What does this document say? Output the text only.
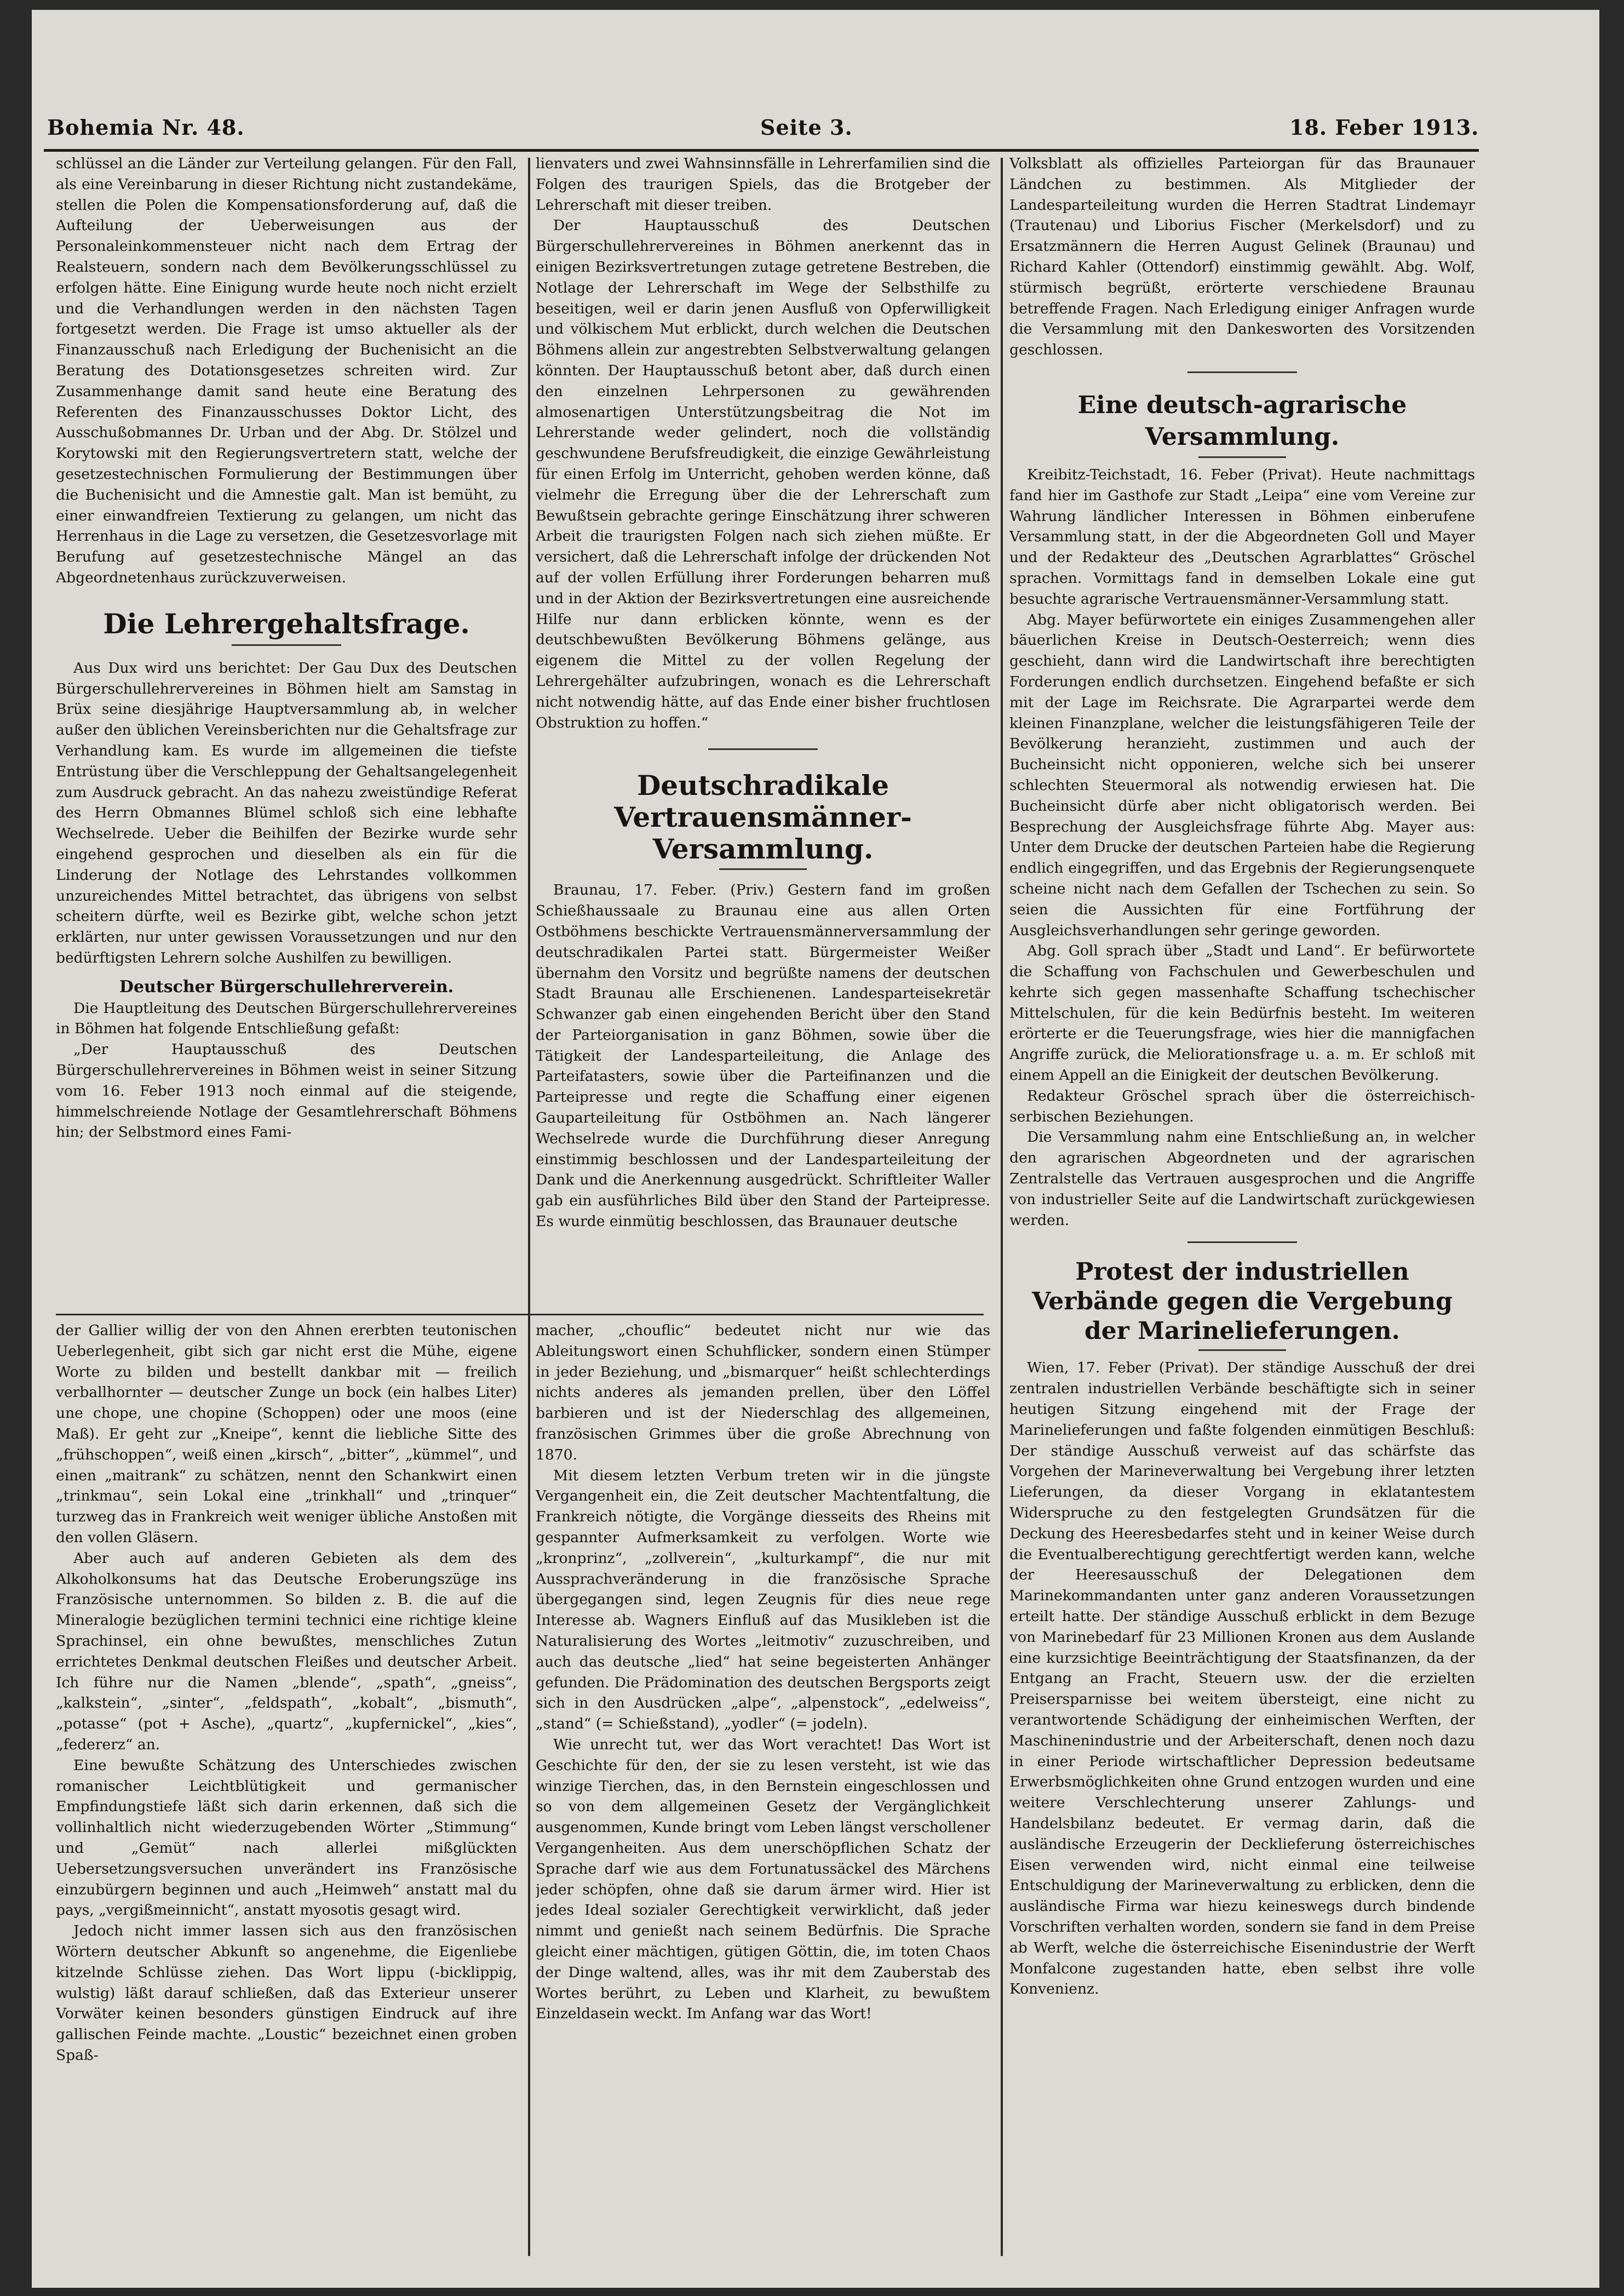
Bohemia Nr. 48.	Seite 3.	18. Feber 1913.

schlüssel an die Länder zur Verteilung gelangen. Für den Fall, als eine Vereinbarung in dieser Richtung nicht zustandekäme, stellen die Polen die Kompensationsforderung auf, daß die Aufteilung der Ueberweisungen aus der Personaleinkommensteuer nicht nach dem Ertrag der Realsteuern, sondern nach dem Bevölkerungsschlüssel zu erfolgen hätte. Eine Einigung wurde heute noch nicht erzielt und die Verhandlungen werden in den nächsten Tagen fortgesetzt werden. Die Frage ist umso aktueller als der Finanzausschuß nach Erledigung der Buchenisicht an die Beratung des Dotationsgesetzes schreiten wird. Zur Zusammenhange damit sand heute eine Beratung des Referenten des Finanzausschusses Doktor Licht, des Ausschußobmannes Dr. Urban und der Abg. Dr. Stölzel und Korytowski mit den Regierungsvertretern statt, welche der gesetzestechnischen Formulierung der Bestimmungen über die Buchenisicht und die Amnestie galt. Man ist bemüht, zu einer einwandfreien Textierung zu gelangen, um nicht das Herrenhaus in die Lage zu versetzen, die Gesetzesvorlage mit Berufung auf gesetzestechnische Mängel an das Abgeordnetenhaus zurückzuverweisen.

Die Lehrergehaltsfrage.

Aus Dux wird uns berichtet: Der Gau Dux des Deutschen Bürgerschullehrervereines in Böhmen hielt am Samstag in Brüx seine diesjährige Hauptversammlung ab, in welcher außer den üblichen Vereinsberichten nur die Gehaltsfrage zur Verhandlung kam. Es wurde im allgemeinen die tiefste Entrüstung über die Verschleppung der Gehaltsangelegenheit zum Ausdruck gebracht. An das nahezu zweistündige Referat des Herrn Obmannes Blümel schloß sich eine lebhafte Wechselrede. Ueber die Beihilfen der Bezirke wurde sehr eingehend gesprochen und dieselben als ein für die Linderung der Notlage des Lehrstandes vollkommen unzureichendes Mittel betrachtet, das übrigens von selbst scheitern dürfte, weil es Bezirke gibt, welche schon jetzt erklärten, nur unter gewissen Voraussetzungen und nur den bedürftigsten Lehrern solche Aushilfen zu bewilligen.

Deutscher Bürgerschullehrerverein.

Die Hauptleitung des Deutschen Bürgerschullehrervereines in Böhmen hat folgende Entschließung gefaßt:

„Der Hauptausschuß des Deutschen Bürgerschullehrervereines in Böhmen weist in seiner Sitzung vom 16. Feber 1913 noch einmal auf die steigende, himmelschreiende Notlage der Gesamtlehrerschaft Böhmens hin; der Selbstmord eines Fami-

der Gallier willig der von den Ahnen ererbten teutonischen Ueberlegenheit, gibt sich gar nicht erst die Mühe, eigene Worte zu bilden und bestellt dankbar mit — freilich verballhornter — deutscher Zunge un bock (ein halbes Liter) une chope, une chopine (Schoppen) oder une moos (eine Maß). Er geht zur „Kneipe“, kennt die liebliche Sitte des „frühschoppen“, weiß einen „kirsch“, „bitter“, „kümmel“, und einen „maitrank“ zu schätzen, nennt den Schankwirt einen „trinkmau“, sein Lokal eine „trinkhall“ und „trinquer“ turzweg das in Frankreich weit weniger übliche Anstoßen mit den vollen Gläsern.

Aber auch auf anderen Gebieten als dem des Alkoholkonsums hat das Deutsche Eroberungszüge ins Französische unternommen. So bilden z. B. die auf die Mineralogie bezüglichen termini technici eine richtige kleine Sprachinsel, ein ohne bewußtes, menschliches Zutun errichtetes Denkmal deutschen Fleißes und deutscher Arbeit. Ich führe nur die Namen „blende“, „spath“, „gneiss“, „kalkstein“, „sinter“, „feldspath“, „kobalt“, „bismuth“, „potasse“ (pot + Asche), „quartz“, „kupfernickel“, „kies“, „federerz“ an.

Eine bewußte Schätzung des Unterschiedes zwischen romanischer Leichtblütigkeit und germanischer Empfindungstiefe läßt sich darin erkennen, daß sich die vollinhaltlich nicht wiederzugebenden Wörter „Stimmung“ und „Gemüt“ nach allerlei mißglückten Uebersetzungsversuchen unverändert ins Französische einzubürgern beginnen und auch „Heimweh“ anstatt mal du pays, „vergißmeinnicht“, anstatt myosotis gesagt wird.

Jedoch nicht immer lassen sich aus den französischen Wörtern deutscher Abkunft so angenehme, die Eigenliebe kitzelnde Schlüsse ziehen. Das Wort lippu (-bicklippig, wulstig) läßt darauf schließen, daß das Exterieur unserer Vorwäter keinen besonders günstigen Eindruck auf ihre gallischen Feinde machte. „Loustic“ bezeichnet einen groben Spaß-

lienvaters und zwei Wahnsinnsfälle in Lehrerfamilien sind die Folgen des traurigen Spiels, das die Brotgeber der Lehrerschaft mit dieser treiben.

Der Hauptausschuß des Deutschen Bürgerschullehrervereines in Böhmen anerkennt das in einigen Bezirksvertretungen zutage getretene Bestreben, die Notlage der Lehrerschaft im Wege der Selbsthilfe zu beseitigen, weil er darin jenen Ausfluß von Opferwilligkeit und völkischem Mut erblickt, durch welchen die Deutschen Böhmens allein zur angestrebten Selbstverwaltung gelangen könnten. Der Hauptausschuß betont aber, daß durch einen den einzelnen Lehrpersonen zu gewährenden almosenartigen Unterstützungsbeitrag die Not im Lehrerstande weder gelindert, noch die vollständig geschwundene Berufsfreudigkeit, die einzige Gewährleistung für einen Erfolg im Unterricht, gehoben werden könne, daß vielmehr die Erregung über die der Lehrerschaft zum Bewußtsein gebrachte geringe Einschätzung ihrer schweren Arbeit die traurigsten Folgen nach sich ziehen müßte. Er versichert, daß die Lehrerschaft infolge der drückenden Not auf der vollen Erfüllung ihrer Forderungen beharren muß und in der Aktion der Bezirksvertretungen eine ausreichende Hilfe nur dann erblicken könnte, wenn es der deutschbewußten Bevölkerung Böhmens gelänge, aus eigenem die Mittel zu der vollen Regelung der Lehrergehälter aufzubringen, wonach es die Lehrerschaft nicht notwendig hätte, auf das Ende einer bisher fruchtlosen Obstruktion zu hoffen.“

Deutschradikale Vertrauensmänner-Versammlung.

Braunau, 17. Feber. (Priv.) Gestern fand im großen Schießhaussaale zu Braunau eine aus allen Orten Ostböhmens beschickte Vertrauensmännerversammlung der deutschradikalen Partei statt. Bürgermeister Weißer übernahm den Vorsitz und begrüßte namens der deutschen Stadt Braunau alle Erschienenen. Landesparteisekretär Schwanzer gab einen eingehenden Bericht über den Stand der Parteiorganisation in ganz Böhmen, sowie über die Tätigkeit der Landesparteileitung, die Anlage des Parteifatasters, sowie über die Parteifinanzen und die Parteipresse und regte die Schaffung einer eigenen Gauparteileitung für Ostböhmen an. Nach längerer Wechselrede wurde die Durchführung dieser Anregung einstimmig beschlossen und der Landesparteileitung der Dank und die Anerkennung ausgedrückt. Schriftleiter Waller gab ein ausführliches Bild über den Stand der Parteipresse. Es wurde einmütig beschlossen, das Braunauer deutsche

macher, „chouflic“ bedeutet nicht nur wie das Ableitungswort einen Schuhflicker, sondern einen Stümper in jeder Beziehung, und „bismarquer“ heißt schlechterdings nichts anderes als jemanden prellen, über den Löffel barbieren und ist der Niederschlag des allgemeinen, französischen Grimmes über die große Abrechnung von 1870.

Mit diesem letzten Verbum treten wir in die jüngste Vergangenheit ein, die Zeit deutscher Machtentfaltung, die Frankreich nötigte, die Vorgänge diesseits des Rheins mit gespannter Aufmerksamkeit zu verfolgen. Worte wie „kronprinz“, „zollverein“, „kulturkampf“, die nur mit Aussprachveränderung in die französische Sprache übergegangen sind, legen Zeugnis für dies neue rege Interesse ab. Wagners Einfluß auf das Musikleben ist die Naturalisierung des Wortes „leitmotiv“ zuzuschreiben, und auch das deutsche „lied“ hat seine begeisterten Anhänger gefunden. Die Prädomination des deutschen Bergsports zeigt sich in den Ausdrücken „alpe“, „alpenstock“, „edelweiss“, „stand“ (= Schießstand), „yodler“ (= jodeln).

Wie unrecht tut, wer das Wort verachtet! Das Wort ist Geschichte für den, der sie zu lesen versteht, ist wie das winzige Tierchen, das, in den Bernstein eingeschlossen und so von dem allgemeinen Gesetz der Vergänglichkeit ausgenommen, Kunde bringt vom Leben längst verschollener Vergangenheiten. Aus dem unerschöpflichen Schatz der Sprache darf wie aus dem Fortunatussäckel des Märchens jeder schöpfen, ohne daß sie darum ärmer wird. Hier ist jedes Ideal sozialer Gerechtigkeit verwirklicht, daß jeder nimmt und genießt nach seinem Bedürfnis. Die Sprache gleicht einer mächtigen, gütigen Göttin, die, im toten Chaos der Dinge waltend, alles, was ihr mit dem Zauberstab des Wortes berührt, zu Leben und Klarheit, zu bewußtem Einzeldasein weckt. Im Anfang war das Wort!

Volksblatt als offizielles Parteiorgan für das Braunauer Ländchen zu bestimmen. Als Mitglieder der Landesparteileitung wurden die Herren Stadtrat Lindemayr (Trautenau) und Liborius Fischer (Merkelsdorf) und zu Ersatzmännern die Herren August Gelinek (Braunau) und Richard Kahler (Ottendorf) einstimmig gewählt. Abg. Wolf, stürmisch begrüßt, erörterte verschiedene Braunau betreffende Fragen. Nach Erledigung einiger Anfragen wurde die Versammlung mit den Dankesworten des Vorsitzenden geschlossen.

Eine deutsch-agrarische Versammlung.

Kreibitz-Teichstadt, 16. Feber (Privat). Heute nachmittags fand hier im Gasthofe zur Stadt „Leipa“ eine vom Vereine zur Wahrung ländlicher Interessen in Böhmen einberufene Versammlung statt, in der die Abgeordneten Goll und Mayer und der Redakteur des „Deutschen Agrarblattes“ Gröschel sprachen. Vormittags fand in demselben Lokale eine gut besuchte agrarische Vertrauensmänner-Versammlung statt.

Abg. Mayer befürwortete ein einiges Zusammengehen aller bäuerlichen Kreise in Deutsch-Oesterreich; wenn dies geschieht, dann wird die Landwirtschaft ihre berechtigten Forderungen endlich durchsetzen. Eingehend befaßte er sich mit der Lage im Reichsrate. Die Agrarpartei werde dem kleinen Finanzplane, welcher die leistungsfähigeren Teile der Bevölkerung heranzieht, zustimmen und auch der Bucheinsicht nicht opponieren, welche sich bei unserer schlechten Steuermoral als notwendig erwiesen hat. Die Bucheinsicht dürfe aber nicht obligatorisch werden. Bei Besprechung der Ausgleichsfrage führte Abg. Mayer aus: Unter dem Drucke der deutschen Parteien habe die Regierung endlich eingegriffen, und das Ergebnis der Regierungsenquete scheine nicht nach dem Gefallen der Tschechen zu sein. So seien die Aussichten für eine Fortführung der Ausgleichsverhandlungen sehr geringe geworden.

Abg. Goll sprach über „Stadt und Land“. Er befürwortete die Schaffung von Fachschulen und Gewerbeschulen und kehrte sich gegen massenhafte Schaffung tschechischer Mittelschulen, für die kein Bedürfnis besteht. Im weiteren erörterte er die Teuerungsfrage, wies hier die mannigfachen Angriffe zurück, die Meliorationsfrage u. a. m. Er schloß mit einem Appell an die Einigkeit der deutschen Bevölkerung.

Redakteur Gröschel sprach über die österreichisch-serbischen Beziehungen.

Die Versammlung nahm eine Entschließung an, in welcher den agrarischen Abgeordneten und der agrarischen Zentralstelle das Vertrauen ausgesprochen und die Angriffe von industrieller Seite auf die Landwirtschaft zurückgewiesen werden.

Protest der industriellen Verbände gegen die Vergebung der Marinelieferungen.

Wien, 17. Feber (Privat). Der ständige Ausschuß der drei zentralen industriellen Verbände beschäftigte sich in seiner heutigen Sitzung eingehend mit der Frage der Marinelieferungen und faßte folgenden einmütigen Beschluß: Der ständige Ausschuß verweist auf das schärfste das Vorgehen der Marineverwaltung bei Vergebung ihrer letzten Lieferungen, da dieser Vorgang in eklatantestem Widerspruche zu den festgelegten Grundsätzen für die Deckung des Heeresbedarfes steht und in keiner Weise durch die Eventualberechtigung gerechtfertigt werden kann, welche der Heeresausschuß der Delegationen dem Marinekommandanten unter ganz anderen Voraussetzungen erteilt hatte. Der ständige Ausschuß erblickt in dem Bezuge von Marinebedarf für 23 Millionen Kronen aus dem Auslande eine kurzsichtige Beeinträchtigung der Staatsfinanzen, da der Entgang an Fracht, Steuern usw. der die erzielten Preisersparnisse bei weitem übersteigt, eine nicht zu verantwortende Schädigung der einheimischen Werften, der Maschinenindustrie und der Arbeiterschaft, denen noch dazu in einer Periode wirtschaftlicher Depression bedeutsame Erwerbsmöglichkeiten ohne Grund entzogen wurden und eine weitere Verschlechterung unserer Zahlungs- und Handelsbilanz bedeutet. Er vermag darin, daß die ausländische Erzeugerin der Decklieferung österreichisches Eisen verwenden wird, nicht einmal eine teilweise Entschuldigung der Marineverwaltung zu erblicken, denn die ausländische Firma war hiezu keineswegs durch bindende Vorschriften verhalten worden, sondern sie fand in dem Preise ab Werft, welche die österreichische Eisenindustrie der Werft Monfalcone zugestanden hatte, eben selbst ihre volle Konvenienz.
